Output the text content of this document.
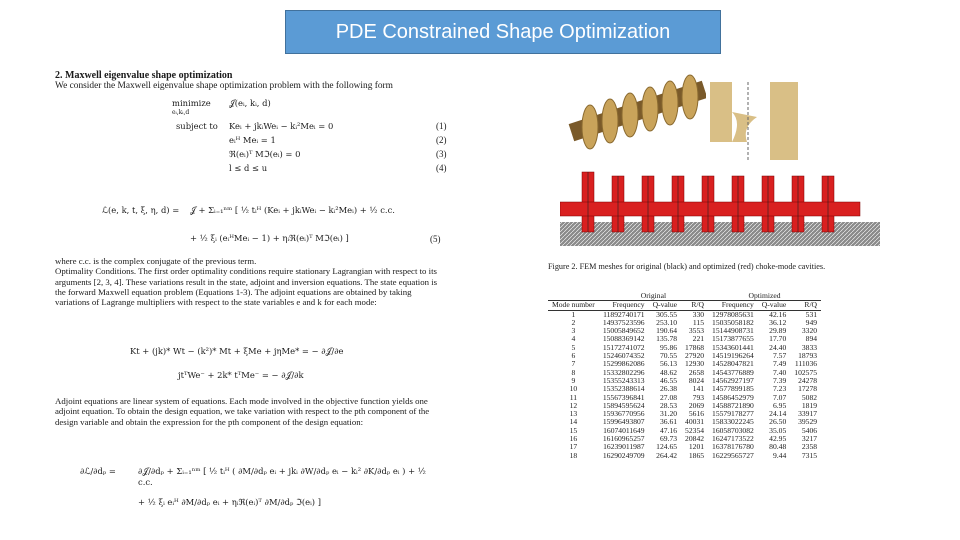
PDE Constrained Shape Optimization

2. Maxwell eigenvalue shape optimization

We consider the Maxwell eigenvalue shape optimization problem with the following form

minimize
eᵢ,kᵢ,d
𝒥(eᵢ, kᵢ, d)
subject to Keᵢ + jkᵢWeᵢ − kᵢ²Meᵢ = 0	(1)
eᵢᴴ Meᵢ = 1	(2)
ℜ(eᵢ)ᵀ Mℑ(eᵢ) = 0	(3)
l ≤ d ≤ u	(4)
ℒ(e, k, t, ξ, η, d) = 𝒥 + Σᵢ₌₁ⁿᵐ [ ½ tᵢᴴ (Keᵢ + jkᵢWeᵢ − kᵢ²Meᵢ) + ½ c.c.
+ ½ ξᵢ (eᵢᴴMeᵢ − 1) + ηᵢℜ(eᵢ)ᵀ Mℑ(eᵢ) ]	(5)

where c.c. is the complex conjugate of the previous term.

Optimality Conditions. The first order optimality conditions require stationary Lagrangian with respect to its arguments [2, 3, 4]. These variations result in the state, adjoint and inversion equations. The state equation is the forward Maxwell equation problem (Equations 1-3). The adjoint equations are obtained by taking variations of Lagrange multipliers with respect to the state variables e and k for each mode:

Kt + (jk)* Wt − (k²)* Mt + ξMe + jηMe* = − ∂𝒥/∂e
jtᵀWe⁻ + 2k* tᵀMe⁻ = − ∂𝒥/∂k
Adjoint equations are linear system of equations. Each mode involved in the objective function yields one adjoint equation. To obtain the design equation, we take variation with respect to the pth component of the design variable and obtain the expression for the pth component of the design equation:
∂ℒ/∂dₚ =	∂𝒥/∂dₚ + Σᵢ₌₁ⁿᵐ [ ½ tᵢᴴ ( ∂M/∂dₚ eᵢ + jkᵢ ∂W/∂dₚ eᵢ − kᵢ² ∂K/∂dₚ eᵢ ) + ½ c.c.
+ ½ ξᵢ eᵢᴴ ∂M/∂dₚ eᵢ + ηᵢℜ(eᵢ)ᵀ ∂M/∂dₚ ℑ(eᵢ) ]
Figure 2. FEM meshes for original (black) and optimized (red) choke-mode cavities.
	Original			Optimized		
Mode number	Frequency	Q-value	R/Q	Frequency	Q-value	R/Q
1	11892740171	305.55	330	12978085631	42.16	531
2	14937523596	253.10	115	15035058182	36.12	949
3	15005849652	190.64	3553	15144908731	29.89	3320
4	15088369142	135.78	221	15173877655	17.70	894
5	15172741072	95.86	17868	15343601441	24.40	3833
6	15246074352	70.55	27920	14519196264	7.57	18793
7	15299862086	56.13	12930	14528047821	7.49	111036
8	15332802296	48.62	2658	14543776889	7.40	102575
9	15355243313	46.55	8024	14562927197	7.39	24278
10	15352388614	26.38	141	14577899185	7.23	17278
11	15567396841	27.08	793	14586452979	7.07	5082
12	15894595624	28.53	2069	14588721890	6.95	1819
13	15936770956	31.20	5616	15579178277	24.14	33917
14	15996493807	36.61	40031	15833022245	26.50	39529
15	16074011649	47.16	52354	16058703082	35.05	5406
16	16160965257	69.73	20842	16247173522	42.95	3217
17	16239011987	124.65	1201	16378176780	80.48	2358
18	16290249709	264.42	1865	16229565727	9.44	7315
